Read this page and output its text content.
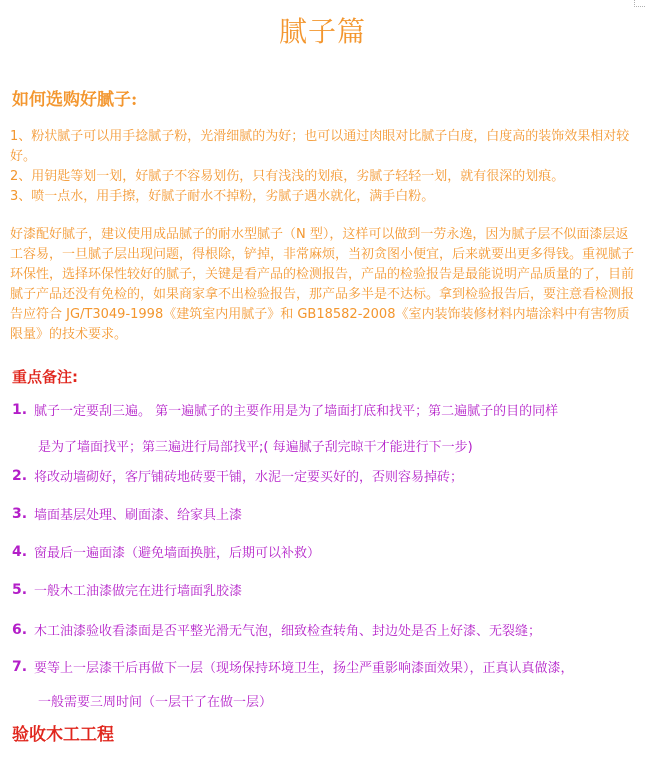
腻子篇
如何选购好腻子:

1、粉状腻子可以用手捻腻子粉，光滑细腻的为好；也可以通过肉眼对比腻子白度，白度高的装饰效果相对较好。

2、用钥匙等划一划，好腻子不容易划伤，只有浅浅的划痕，劣腻子轻轻一划，就有很深的划痕。

3、喷一点水，用手擦，好腻子耐水不掉粉，劣腻子遇水就化，满手白粉。

好漆配好腻子，建议使用成品腻子的耐水型腻子（N 型），这样可以做到一劳永逸，因为腻子层不似面漆层返工容易，一旦腻子层出现问题，得根除，铲掉，非常麻烦，当初贪图小便宜，后来就要出更多得钱。重视腻子环保性，选择环保性较好的腻子，关键是看产品的检测报告，产品的检验报告是最能说明产品质量的了，目前腻子产品还没有免检的，如果商家拿不出检验报告，那产品多半是不达标。拿到检验报告后，要注意看检测报告应符合 JG/T3049-1998《建筑室内用腻子》和 GB18582-2008《室内装饰装修材料内墙涂料中有害物质限量》的技术要求。
重点备注:
1. 腻子一定要刮三遍。 第一遍腻子的主要作用是为了墙面打底和找平；第二遍腻子的目的同样
是为了墙面找平；第三遍进行局部找平;( 每遍腻子刮完晾干才能进行下一步)
2. 将改动墙砌好，客厅铺砖地砖要干铺，水泥一定要买好的，否则容易掉砖；
3. 墙面基层处理、刷面漆、给家具上漆
4. 窗最后一遍面漆（避免墙面换脏，后期可以补救）
5. 一般木工油漆做完在进行墙面乳胶漆
6. 木工油漆验收看漆面是否平整光滑无气泡，细致检查转角、封边处是否上好漆、无裂缝；
7. 要等上一层漆干后再做下一层（现场保持环境卫生，扬尘严重影响漆面效果），正真认真做漆，
一般需要三周时间（一层干了在做一层）
验收木工工程
